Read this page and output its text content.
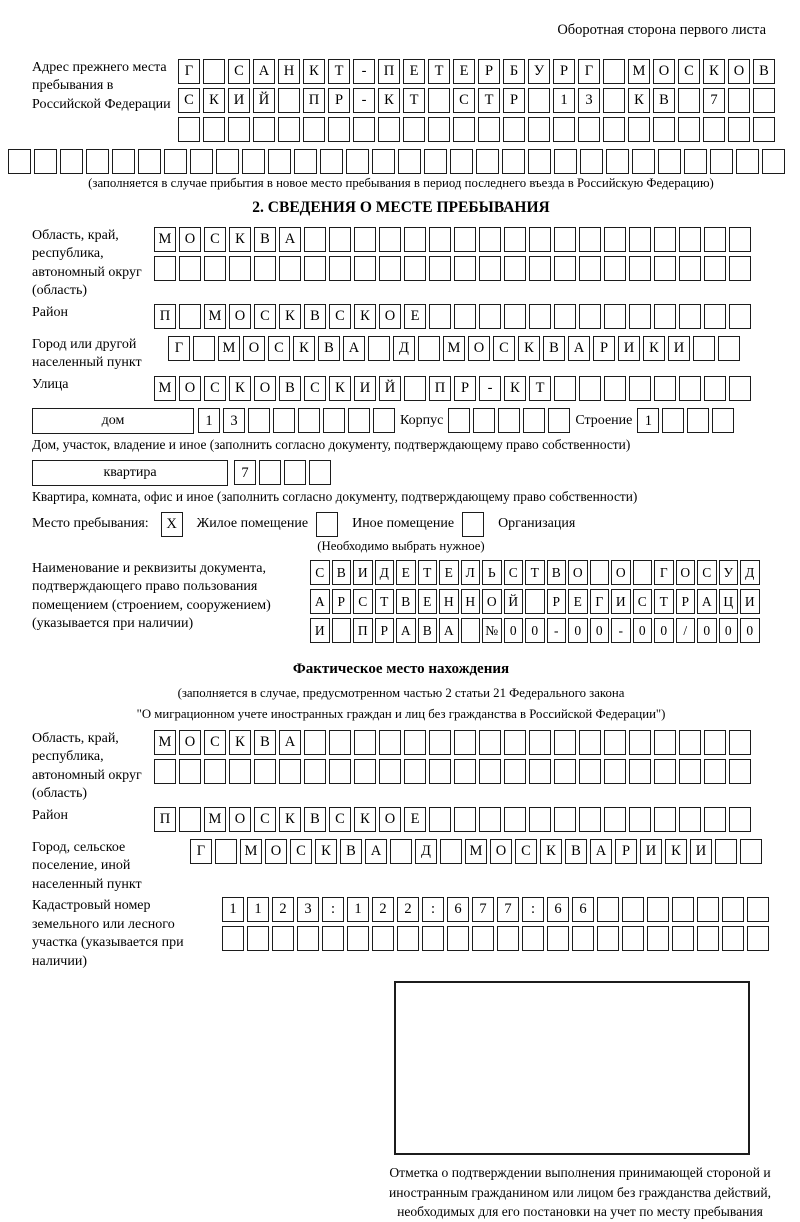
Оборотная сторона первого листа
Адрес прежнего места пребывания в Российской Федерации
Г	С	А	Н	К	Т	-	П	Е	Т	Е	Р	Б	У	Р	Г	М О	С	К	О	В
С	К	И	Й	П	Р	-	К	Т	С	Т	Р	1	3	К	В	7
(заполняется в случае прибытия в новое место пребывания в период последнего въезда в Российскую Федерацию)
2. СВЕДЕНИЯ О МЕСТЕ ПРЕБЫВАНИЯ
Область, край, республика, автономный округ (область)
М О	С	К	В	А
Район	П	М О	С	К	В	С	К	О	Е
Город или другой населенный пункт
Г	М О	С	К	В	А	Д	М О	С	К	В	А	Р	И	К	И
Улица	М О	С	К	О	В	С	К	И	Й	П	Р	-	К	Т
дом	1	3	Корпус	Строение 1
Дом, участок, владение и иное (заполнить согласно документу, подтверждающему право собственности)
квартира	7
Квартира, комната, офис и иное (заполнить согласно документу, подтверждающему право собственности)
Место пребывания:	X	Жилое помещение	Иное помещение	Организация
(Необходимо выбрать нужное)
Наименование и реквизиты документа, подтверждающего право пользования помещением (строением, сооружением) (указывается при наличии)
С В И Д Е Т Е Л Ь С Т В О	О	Г О С У Д
А Р С Т В Е Н Н О Й	Р	Е Г И С Т	Р А Ц И
И	П Р А В А	№ 0	0	-	0	0	-	0	0	/	0	0	0
Фактическое место нахождения
(заполняется в случае, предусмотренном частью 2 статьи 21 Федерального закона
"О миграционном учете иностранных граждан и лиц без гражданства в Российской Федерации")
Область, край, республика, автономный округ (область)
М О	С	К	В	А
Район	П	М О	С	К	В	С	К	О	Е
Город, сельское поселение, иной населенный пункт
Г	М О	С	К	В	А	Д	М О	С	К	В	А	Р	И	К	И
Кадастровый номер земельного или лесного участка (указывается при наличии)
1	1	2	3	:	1	2	2	:	6	7	7	:	6	6
Отметка о подтверждении выполнения принимающей стороной и иностранным гражданином или лицом без гражданства действий, необходимых для его постановки на учет по месту пребывания
